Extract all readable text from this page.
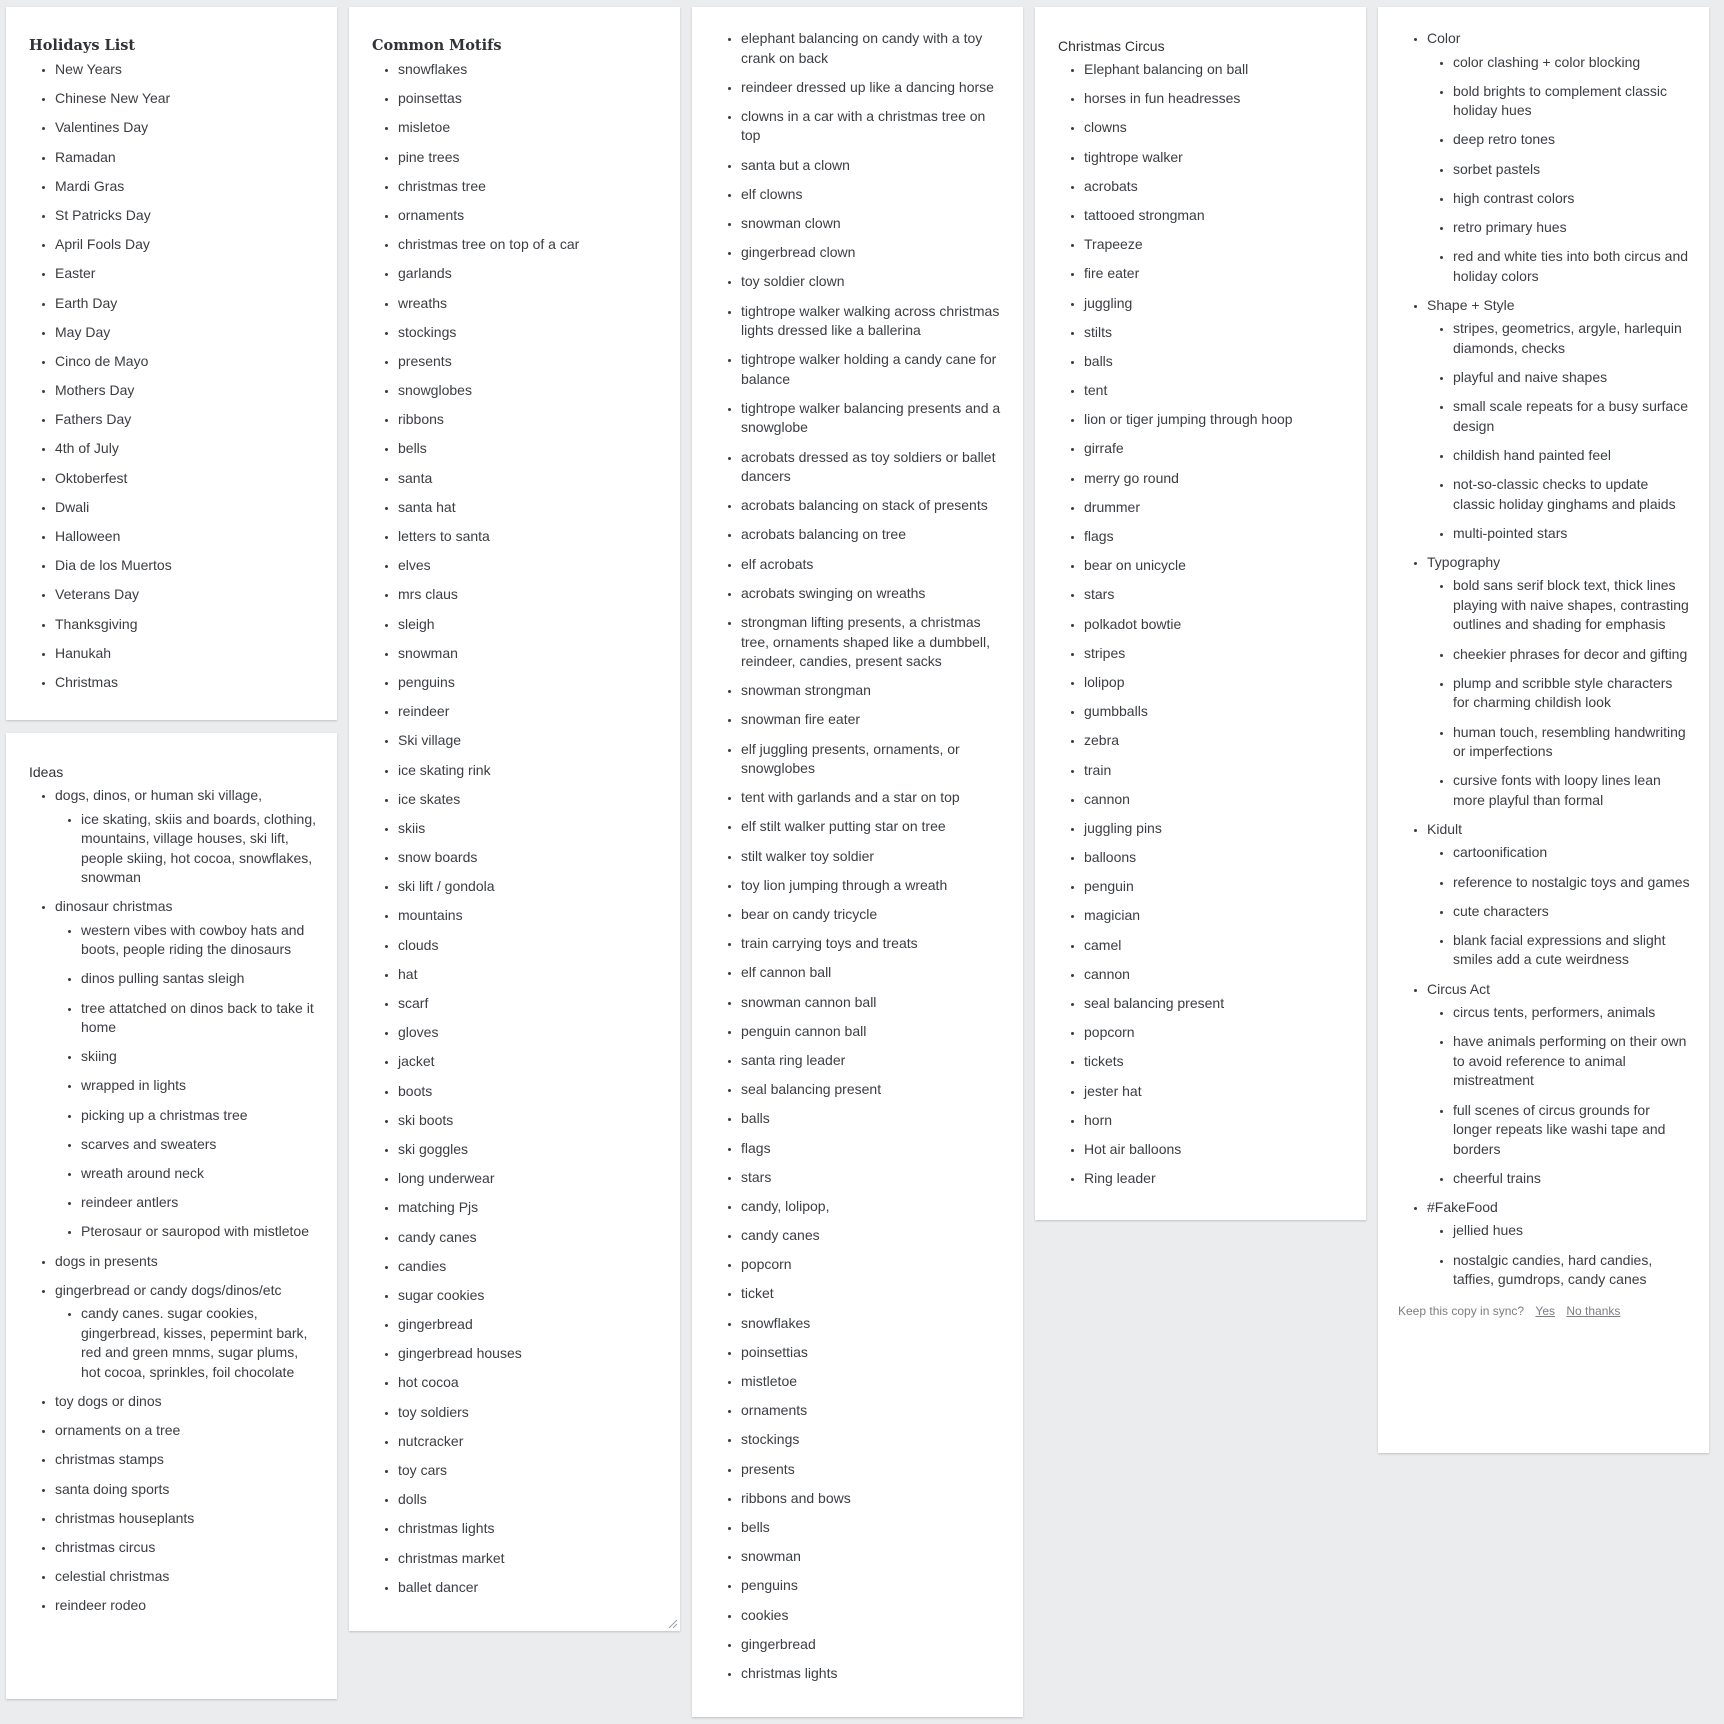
Holidays List
• New Years
• Chinese New Year
• Valentines Day
• Ramadan
• Mardi Gras
• St Patricks Day
• April Fools Day
• Easter
• Earth Day
• May Day
• Cinco de Mayo
• Mothers Day
• Fathers Day
• 4th of July
• Oktoberfest
• Dwali
• Halloween
• Dia de los Muertos
• Veterans Day
• Thanksgiving
• Hanukah
• Christmas
Ideas
• dogs, dinos, or human ski village,
• ice skating, skiis and boards, clothing, mountains, village houses, ski lift, people skiing, hot cocoa, snowflakes, snowman
• dinosaur christmas
• western vibes with cowboy hats and boots, people riding the dinosaurs
• dinos pulling santas sleigh
• tree attatched on dinos back to take it home
• skiing
• wrapped in lights
• picking up a christmas tree
• scarves and sweaters
• wreath around neck
• reindeer antlers
• Pterosaur or sauropod with mistletoe
• dogs in presents
• gingerbread or candy dogs/dinos/etc
• candy canes. sugar cookies, gingerbread, kisses, pepermint bark, red and green mnms, sugar plums, hot cocoa, sprinkles, foil chocolate
• toy dogs or dinos
• ornaments on a tree
• christmas stamps
• santa doing sports
• christmas houseplants
• christmas circus
• celestial christmas
• reindeer rodeo
Common Motifs
• snowflakes
• poinsettas
• misletoe
• pine trees
• christmas tree
• ornaments
• christmas tree on top of a car
• garlands
• wreaths
• stockings
• presents
• snowglobes
• ribbons
• bells
• santa
• santa hat
• letters to santa
• elves
• mrs claus
• sleigh
• snowman
• penguins
• reindeer
• Ski village
• ice skating rink
• ice skates
• skiis
• snow boards
• ski lift / gondola
• mountains
• clouds
• hat
• scarf
• gloves
• jacket
• boots
• ski boots
• ski goggles
• long underwear
• matching Pjs
• candy canes
• candies
• sugar cookies
• gingerbread
• gingerbread houses
• hot cocoa
• toy soldiers
• nutcracker
• toy cars
• dolls
• christmas lights
• christmas market
• ballet dancer
• elephant balancing on candy with a toy crank on back
• reindeer dressed up like a dancing horse
• clowns in a car with a christmas tree on top
• santa but a clown
• elf clowns
• snowman clown
• gingerbread clown
• toy soldier clown
• tightrope walker walking across christmas lights dressed like a ballerina
• tightrope walker holding a candy cane for balance
• tightrope walker balancing presents and a snowglobe
• acrobats dressed as toy soldiers or ballet dancers
• acrobats balancing on stack of presents
• acrobats balancing on tree
• elf acrobats
• acrobats swinging on wreaths
• strongman lifting presents, a christmas tree, ornaments shaped like a dumbbell, reindeer, candies, present sacks
• snowman strongman
• snowman fire eater
• elf juggling presents, ornaments, or snowglobes
• tent with garlands and a star on top
• elf stilt walker putting star on tree
• stilt walker toy soldier
• toy lion jumping through a wreath
• bear on candy tricycle
• train carrying toys and treats
• elf cannon ball
• snowman cannon ball
• penguin cannon ball
• santa ring leader
• seal balancing present
• balls
• flags
• stars
• candy, lolipop,
• candy canes
• popcorn
• ticket
• snowflakes
• poinsettias
• mistletoe
• ornaments
• stockings
• presents
• ribbons and bows
• bells
• snowman
• penguins
• cookies
• gingerbread
• christmas lights
Christmas Circus
• Elephant balancing on ball
• horses in fun headresses
• clowns
• tightrope walker
• acrobats
• tattooed strongman
• Trapeeze
• fire eater
• juggling
• stilts
• balls
• tent
• lion or tiger jumping through hoop
• girrafe
• merry go round
• drummer
• flags
• bear on unicycle
• stars
• polkadot bowtie
• stripes
• lolipop
• gumbballs
• zebra
• train
• cannon
• juggling pins
• balloons
• penguin
• magician
• camel
• cannon
• seal balancing present
• popcorn
• tickets
• jester hat
• horn
• Hot air balloons
• Ring leader
• Color
• color clashing + color blocking
• bold brights to complement classic holiday hues
• deep retro tones
• sorbet pastels
• high contrast colors
• retro primary hues
• red and white ties into both circus and holiday colors
• Shape + Style
• stripes, geometrics, argyle, harlequin diamonds, checks
• playful and naive shapes
• small scale repeats for a busy surface design
• childish hand painted feel
• not-so-classic checks to update classic holiday ginghams and plaids
• multi-pointed stars
• Typography
• bold sans serif block text, thick lines playing with naive shapes, contrasting outlines and shading for emphasis
• cheekier phrases for decor and gifting
• plump and scribble style characters for charming childish look
• human touch, resembling handwriting or imperfections
• cursive fonts with loopy lines lean more playful than formal
• Kidult
• cartoonification
• reference to nostalgic toys and games
• cute characters
• blank facial expressions and slight smiles add a cute weirdness
• Circus Act
• circus tents, performers, animals
• have animals performing on their own to avoid reference to animal mistreatment
• full scenes of circus grounds for longer repeats like washi tape and borders
• cheerful trains
• #FakeFood
• jellied hues
• nostalgic candies, hard candies, taffies, gumdrops, candy canes
Keep this copy in sync? Yes No thanks
